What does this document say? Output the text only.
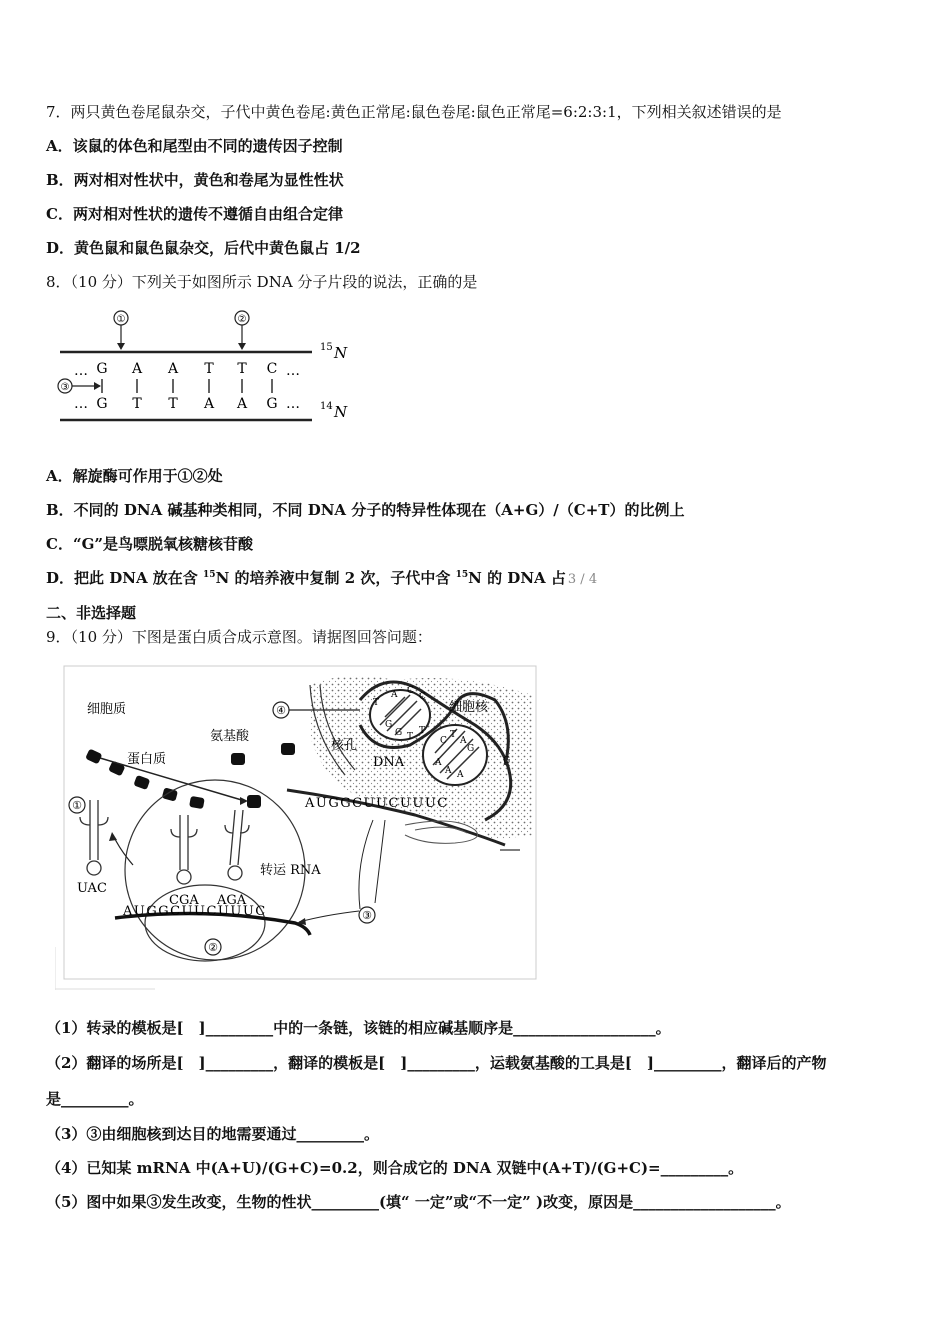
7．两只黄色卷尾鼠杂交，子代中黄色卷尾:黄色正常尾:鼠色卷尾:鼠色正常尾=6:2:3:1，下列相关叙述错误的是
A．该鼠的体色和尾型由不同的遗传因子控制
B．两对相对性状中，黄色和卷尾为显性性状
C．两对相对性状的遗传不遵循自由组合定律
D．黄色鼠和鼠色鼠杂交，后代中黄色鼠占 1/2
8．（10 分）下列关于如图所示 DNA 分子片段的说法，正确的是
①	②
③
…
…
…
…
G
G
A
T
A
T
T
A
T
A
C
G
15 N
14 N
A．解旋酶可作用于①②处
B．不同的 DNA 碱基种类相同，不同 DNA 分子的特异性体现在（A+G）/（C+T）的比例上
C．“G”是鸟嘌脱氧核糖核苷酸
D．把此 DNA 放在含 $^{15}$N 的培养液中复制 2 次，子代中含 $^{15}$N 的 DNA 占 3 / 4
二、非选择题
9．（10 分）下图是蛋白质合成示意图。请据图回答问题：
T
A C
C
G
G T
T
C
T
A
G
A
A A
G
细胞质	细胞核
蛋白质
氨基酸
核孔
DNA
转运 RNA
④
①
UAC
CGA AGA
AUGGCUUCUUUC
AUGGCUUCUUUC
②
③
（1）转录的模板是[　]_________中的一条链，该链的相应碱基顺序是___________________。
（2）翻译的场所是[　]_________，翻译的模板是[　]_________，运载氨基酸的工具是[　]_________，翻译后的产物
是_________。
（3）③由细胞核到达目的地需要通过_________。
（4）已知某 mRNA 中(A+U)/(G+C)=0.2，则合成它的 DNA 双链中(A+T)/(G+C)=_________。
（5）图中如果③发生改变，生物的性状_________(填“ 一定”或“不一定” )改变，原因是___________________。
